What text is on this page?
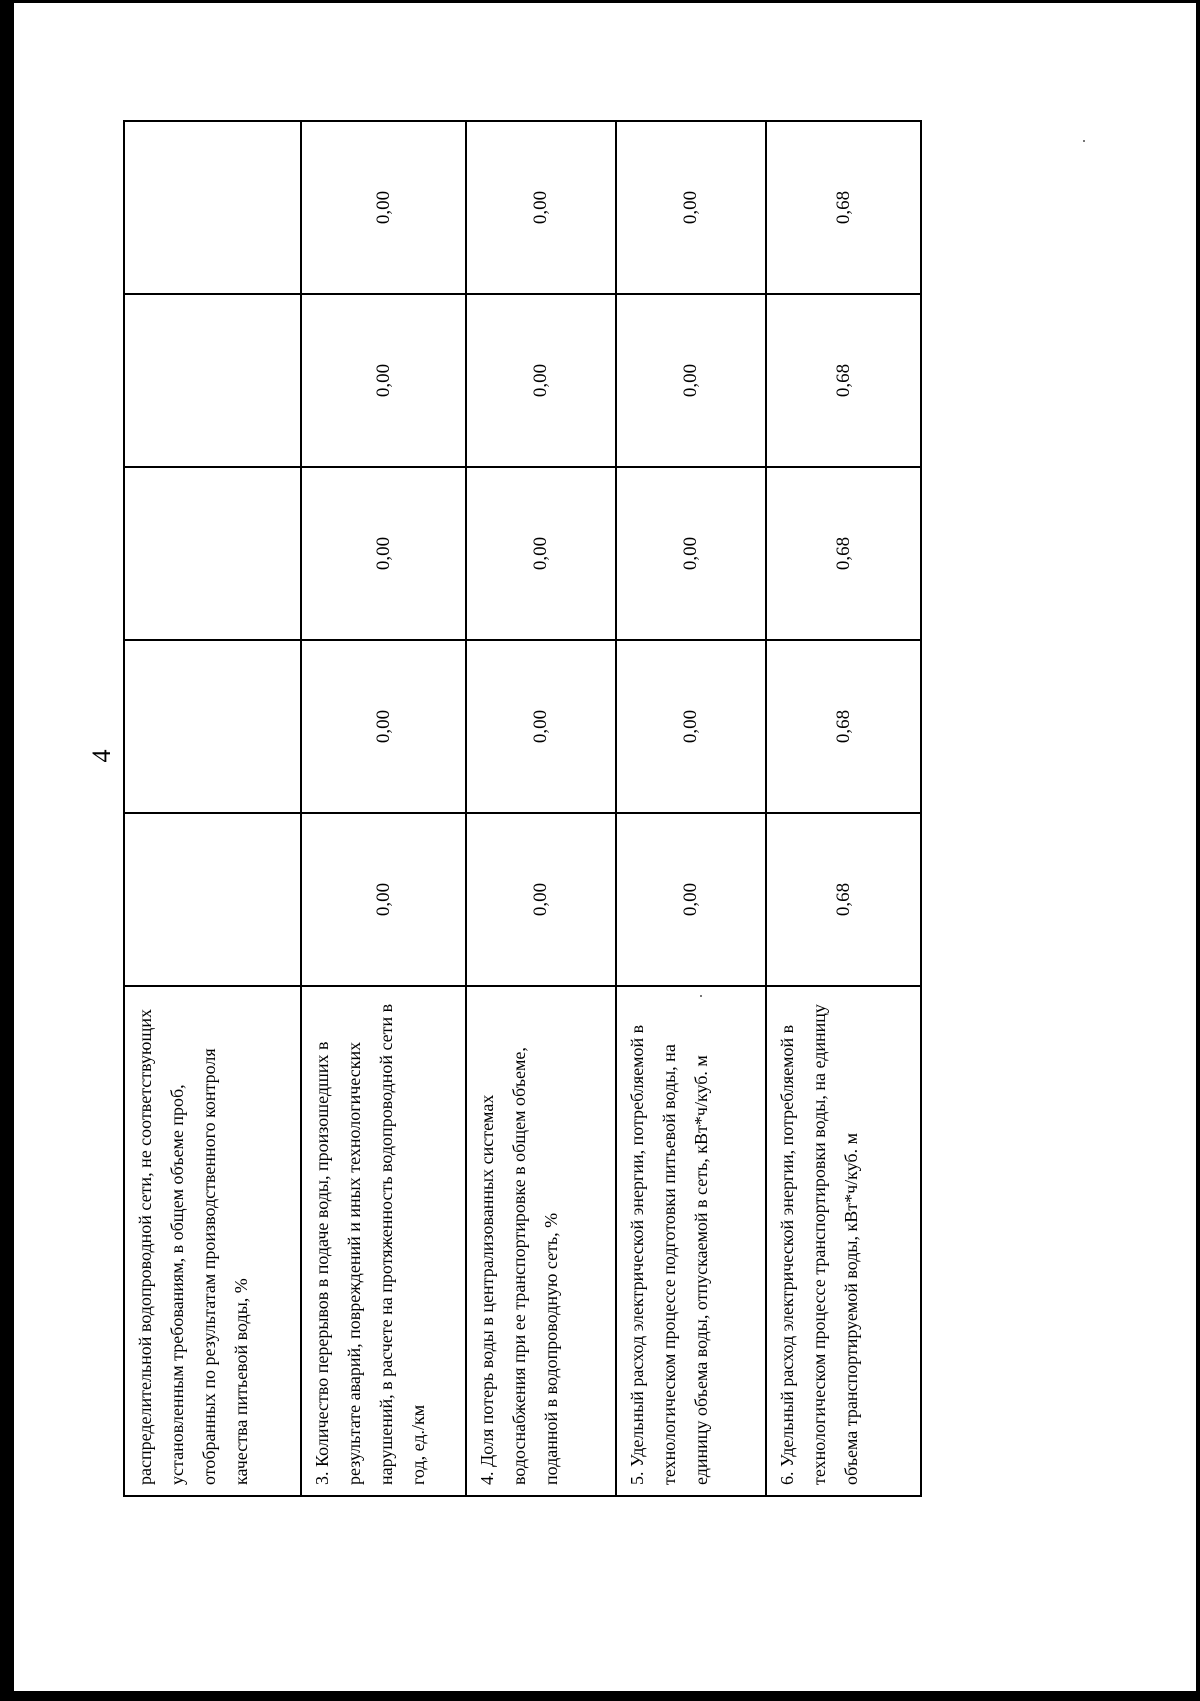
4
распределительной водопроводной сети, не соответствующих установленным требованиям, в общем объеме проб, отобранных по результатам производственного контроля качества питьевой воды, %					
3. Количество перерывов в подаче воды, произошедших в результате аварий, повреждений и иных технологических нарушений, в расчете на протяженность водопроводной сети в год, ед./км	0,00	0,00	0,00	0,00	0,00
4. Доля потерь воды в централизованных системах водоснабжения при ее транспортировке в общем объеме, поданной в водопроводную сеть, %	0,00	0,00	0,00	0,00	0,00
5. Удельный расход электрической энергии, потребляемой в технологическом процессе подготовки питьевой воды, на единицу объема воды, отпускаемой в сеть, кВт*ч/куб. м	0,00	0,00	0,00	0,00	0,00
6. Удельный расход электрической энергии, потребляемой в технологическом процессе транспортировки воды, на единицу объема транспортируемой воды, кВт*ч/куб. м	0,68	0,68	0,68	0,68	0,68
